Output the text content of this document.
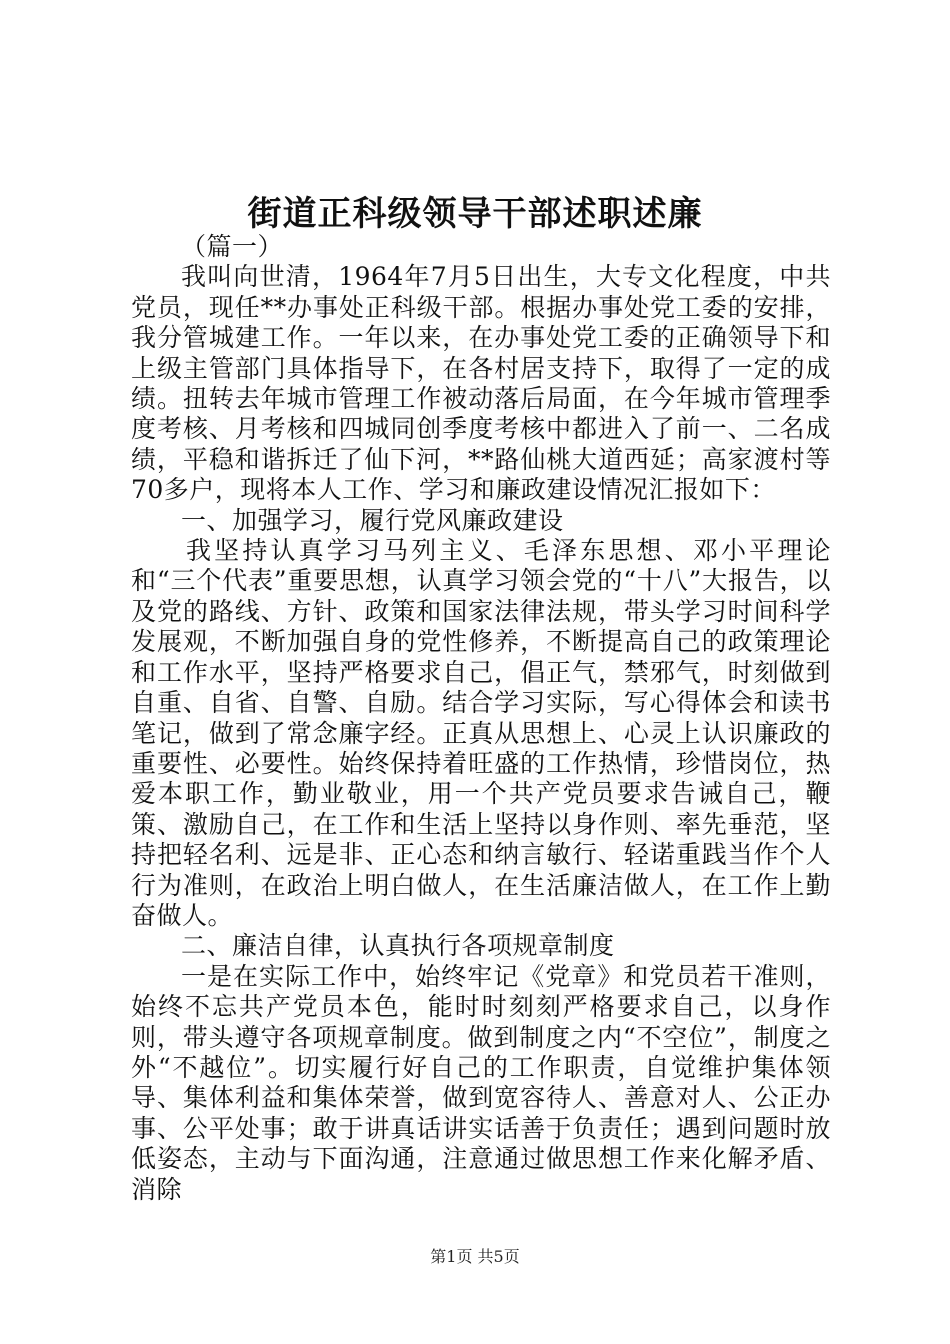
街道正科级领导干部述职述廉

（篇一）

我叫向世清，1964年7月5日出生，大专文化程度，中共党员，现任**办事处正科级干部。根据办事处党工委的安排，我分管城建工作。一年以来，在办事处党工委的正确领导下和上级主管部门具体指导下，在各村居支持下，取得了一定的成绩。扭转去年城市管理工作被动落后局面，在今年城市管理季度考核、月考核和四城同创季度考核中都进入了前一、二名成绩，平稳和谐拆迁了仙下河，**路仙桃大道西延；高家渡村等70多户，现将本人工作、学习和廉政建设情况汇报如下：

一、加强学习，履行党风廉政建设

我坚持认真学习马列主义、毛泽东思想、邓小平理论和“三个代表”重要思想，认真学习领会党的“十八”大报告，以及党的路线、方针、政策和国家法律法规，带头学习时间科学发展观，不断加强自身的党性修养，不断提高自己的政策理论和工作水平，坚持严格要求自己，倡正气，禁邪气，时刻做到自重、自省、自警、自励。结合学习实际，写心得体会和读书笔记，做到了常念廉字经。正真从思想上、心灵上认识廉政的重要性、必要性。始终保持着旺盛的工作热情，珍惜岗位，热爱本职工作，勤业敬业，用一个共产党员要求告诫自己，鞭策、激励自己，在工作和生活上坚持以身作则、率先垂范，坚持把轻名利、远是非、正心态和纳言敏行、轻诺重践当作个人行为准则，在政治上明白做人，在生活廉洁做人，在工作上勤奋做人。

二、廉洁自律，认真执行各项规章制度

一是在实际工作中，始终牢记《党章》和党员若干准则，始终不忘共产党员本色，能时时刻刻严格要求自己，以身作则，带头遵守各项规章制度。做到制度之内“不空位”，制度之外“不越位”。切实履行好自己的工作职责，自觉维护集体领导、集体利益和集体荣誉，做到宽容待人、善意对人、公正办事、公平处事；敢于讲真话讲实话善于负责任；遇到问题时放低姿态，主动与下面沟通，注意通过做思想工作来化解矛盾、消除

第1页 共5页
